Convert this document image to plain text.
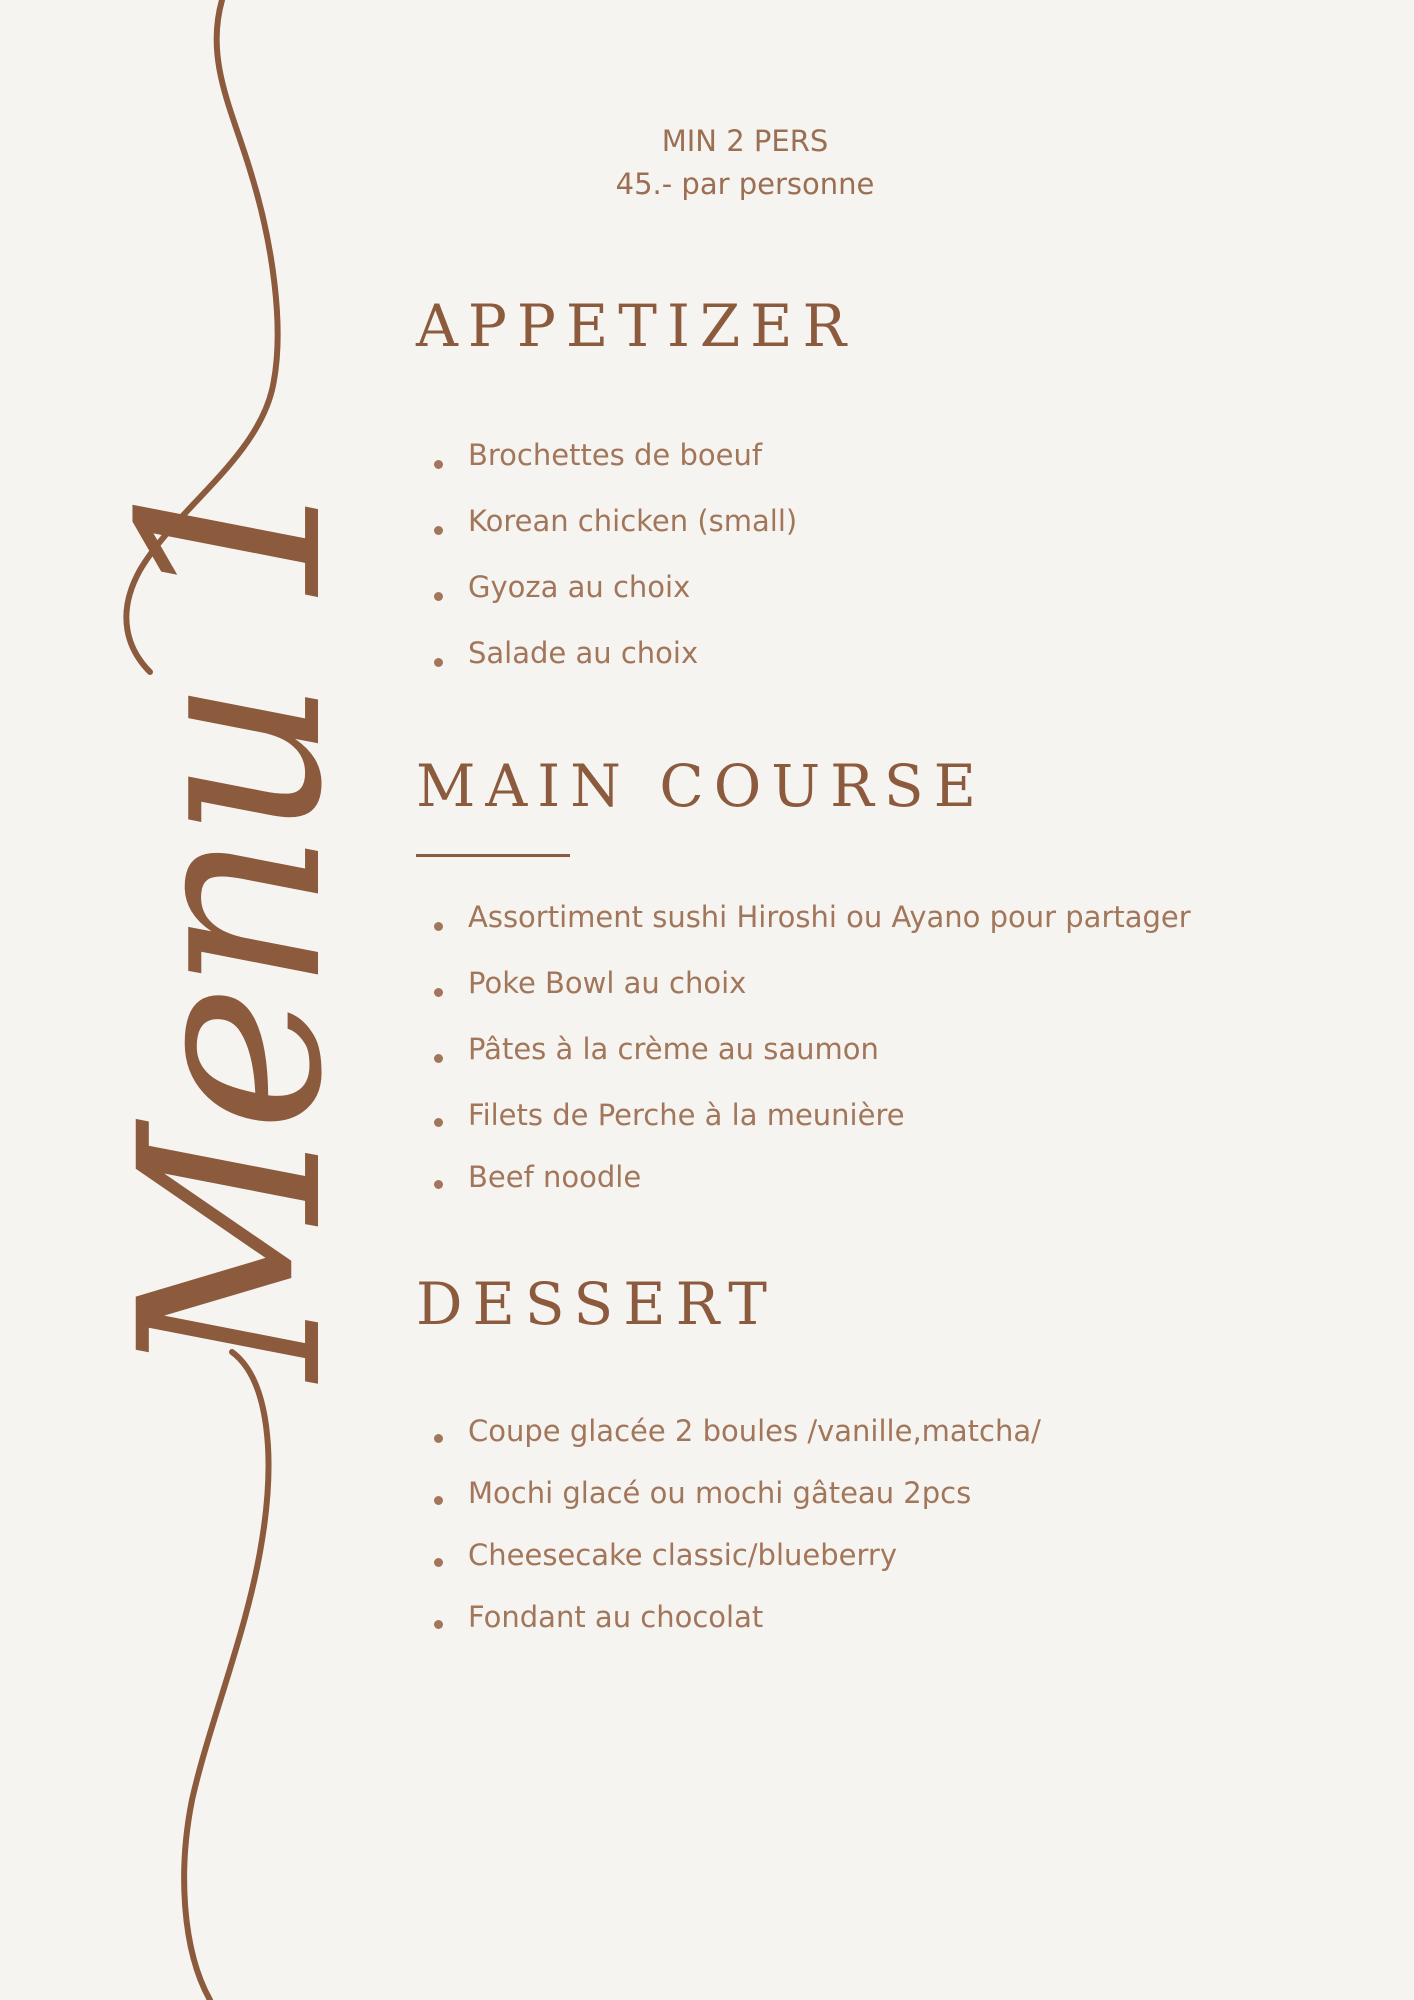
Menu 1
MIN 2 PERS
45.- par personne
APPETIZER
Brochettes de boeuf
Korean chicken (small)
Gyoza au choix
Salade au choix
MAIN COURSE
Assortiment sushi Hiroshi ou Ayano pour partager
Poke Bowl au choix
Pâtes à la crème au saumon
Filets de Perche à la meunière
Beef noodle
DESSERT
Coupe glacée 2 boules /vanille,matcha/
Mochi glacé ou mochi gâteau 2pcs
Cheesecake classic/blueberry
Fondant au chocolat
